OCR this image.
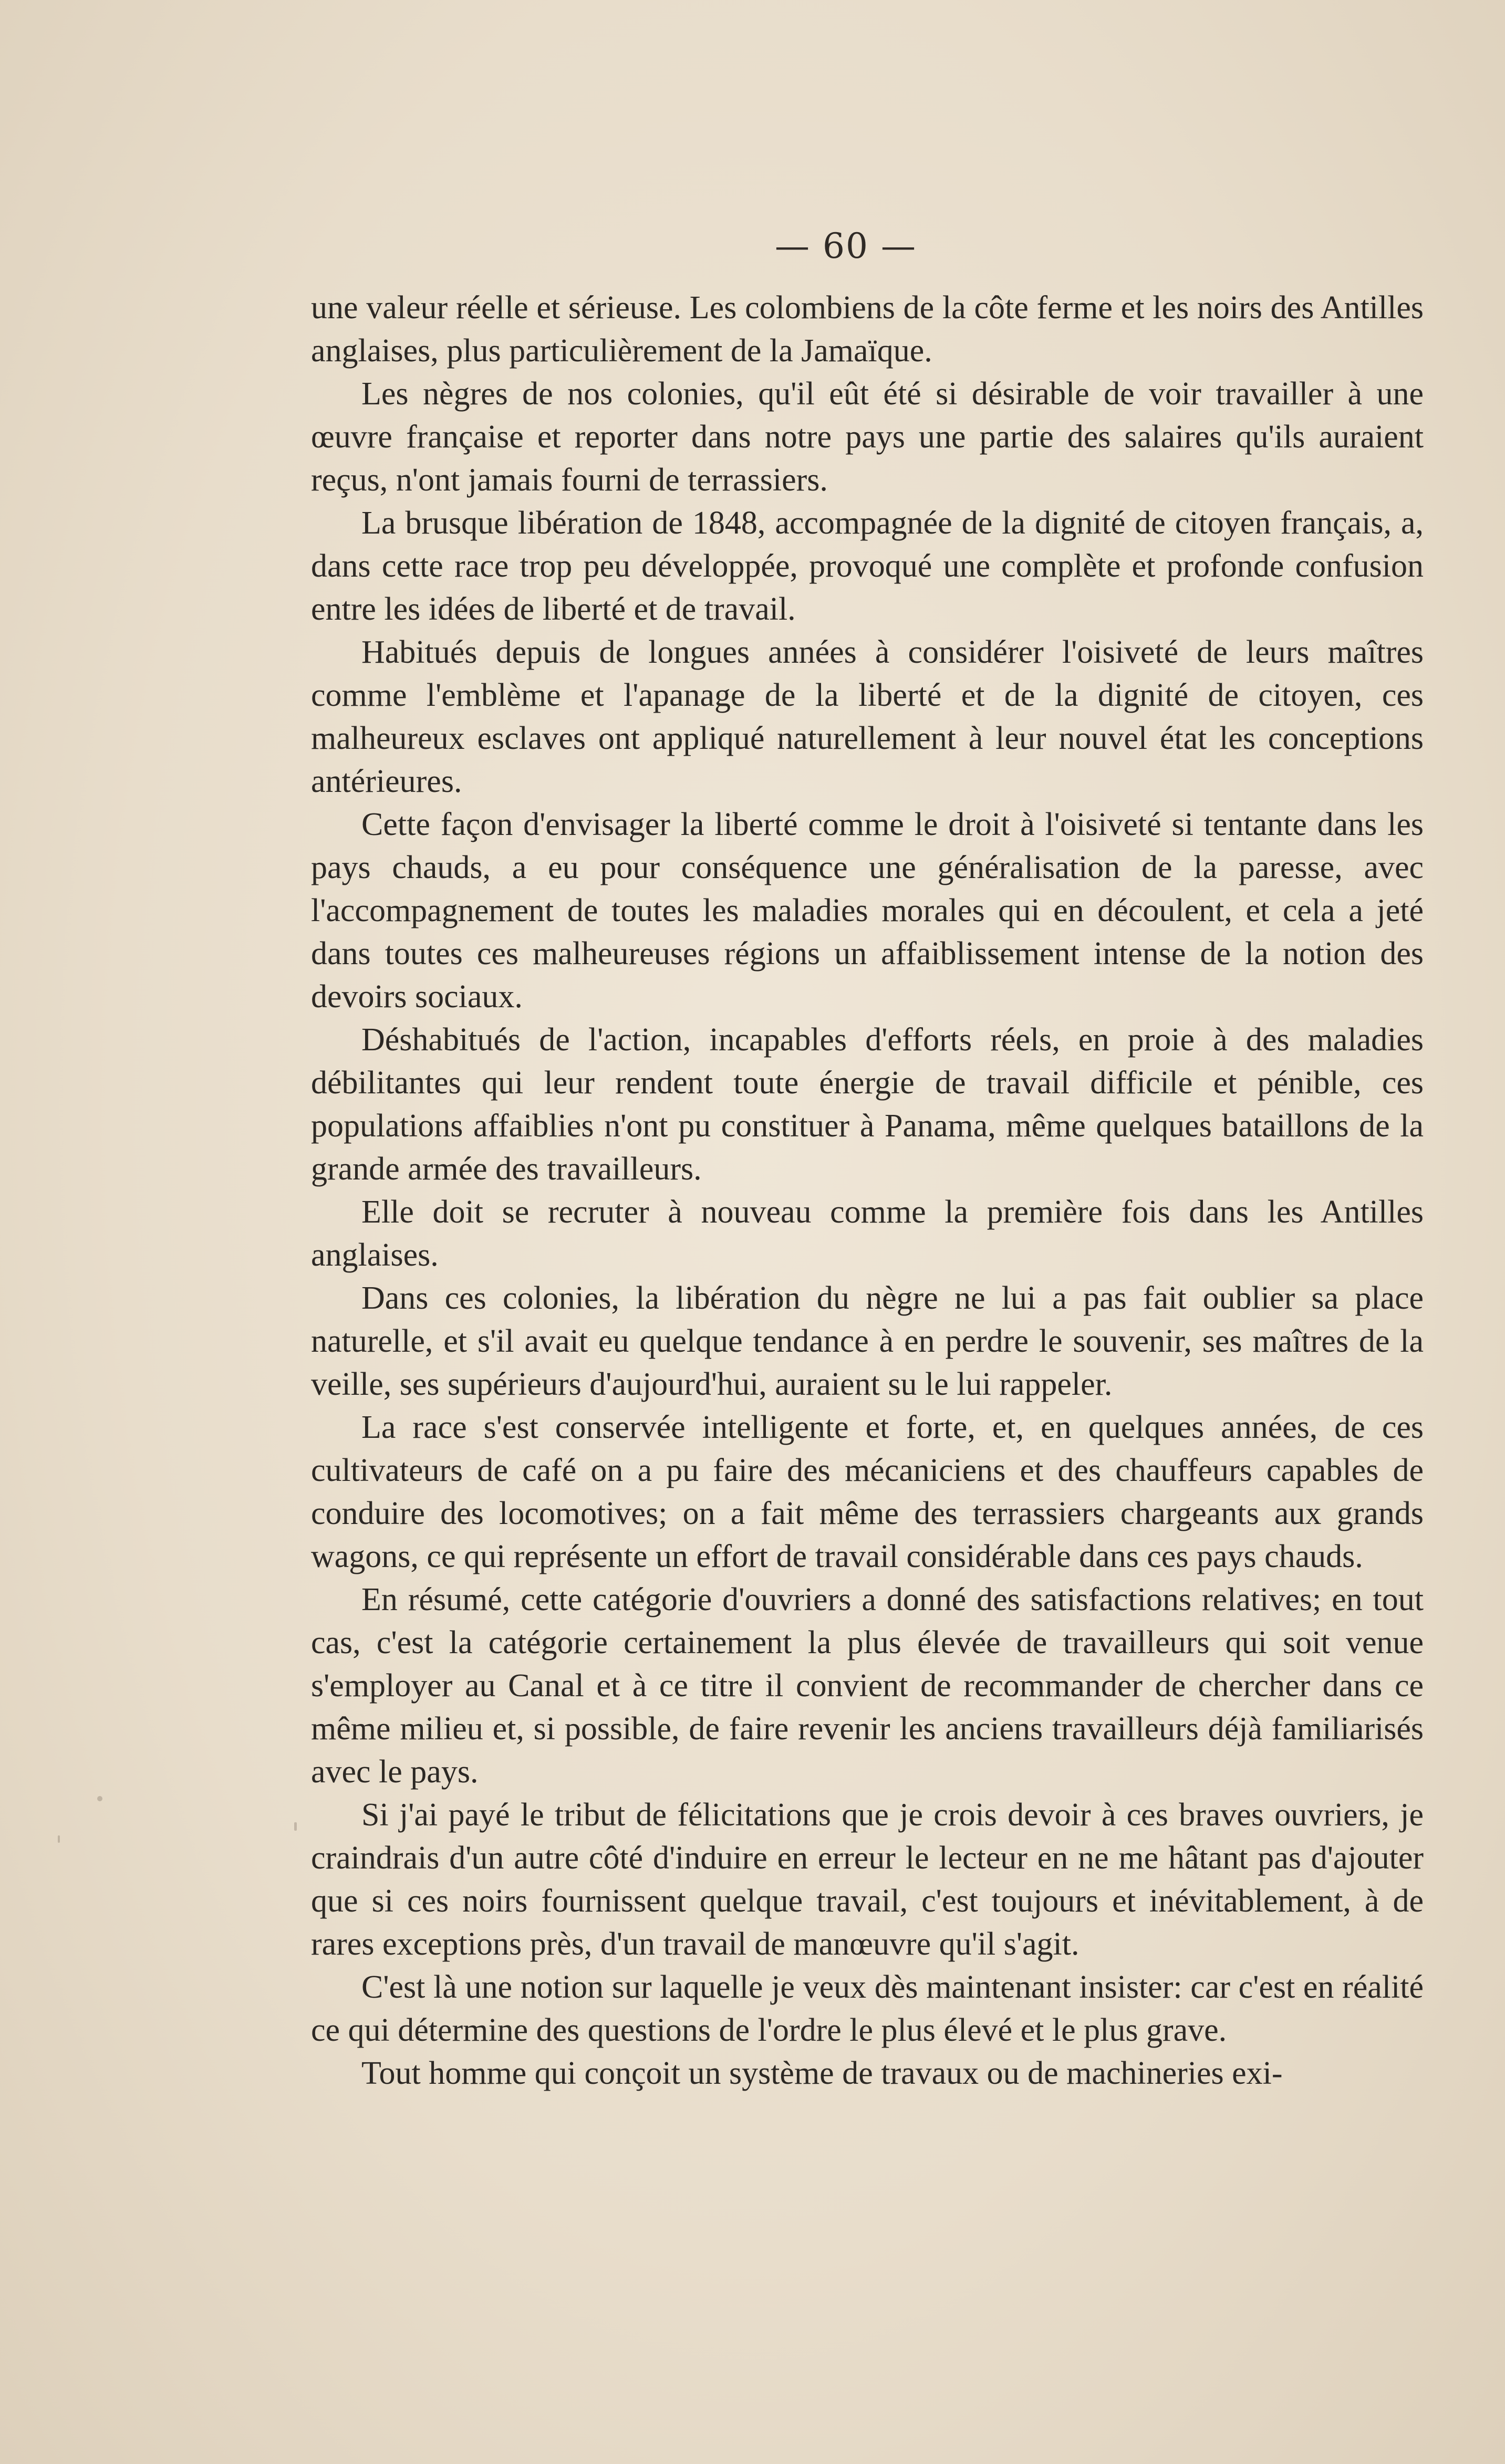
— 60 —

une valeur réelle et sérieuse. Les colombiens de la côte ferme et les noirs des Antilles anglaises, plus particulièrement de la Jamaïque.

Les nègres de nos colonies, qu'il eût été si désirable de voir travailler à une œuvre française et reporter dans notre pays une partie des salaires qu'ils auraient reçus, n'ont jamais fourni de terrassiers.

La brusque libération de 1848, accompagnée de la dignité de citoyen français, a, dans cette race trop peu développée, provoqué une complète et profonde confusion entre les idées de liberté et de travail.

Habitués depuis de longues années à considérer l'oisiveté de leurs maîtres comme l'emblème et l'apanage de la liberté et de la dignité de citoyen, ces malheureux esclaves ont appliqué naturellement à leur nouvel état les conceptions antérieures.

Cette façon d'envisager la liberté comme le droit à l'oisiveté si tentante dans les pays chauds, a eu pour conséquence une généralisation de la paresse, avec l'accompagnement de toutes les maladies morales qui en découlent, et cela a jeté dans toutes ces malheureuses régions un affaiblissement intense de la notion des devoirs sociaux.

Déshabitués de l'action, incapables d'efforts réels, en proie à des maladies débilitantes qui leur rendent toute énergie de travail difficile et pénible, ces populations affaiblies n'ont pu constituer à Panama, même quelques bataillons de la grande armée des travailleurs.

Elle doit se recruter à nouveau comme la première fois dans les Antilles anglaises.

Dans ces colonies, la libération du nègre ne lui a pas fait oublier sa place naturelle, et s'il avait eu quelque tendance à en perdre le souvenir, ses maîtres de la veille, ses supérieurs d'aujourd'hui, auraient su le lui rappeler.

La race s'est conservée intelligente et forte, et, en quelques années, de ces cultivateurs de café on a pu faire des mécaniciens et des chauffeurs capables de conduire des locomotives; on a fait même des terrassiers chargeants aux grands wagons, ce qui représente un effort de travail considérable dans ces pays chauds.

En résumé, cette catégorie d'ouvriers a donné des satisfactions relatives; en tout cas, c'est la catégorie certainement la plus élevée de travailleurs qui soit venue s'employer au Canal et à ce titre il convient de recommander de chercher dans ce même milieu et, si possible, de faire revenir les anciens travailleurs déjà familiarisés avec le pays.

Si j'ai payé le tribut de félicitations que je crois devoir à ces braves ouvriers, je craindrais d'un autre côté d'induire en erreur le lecteur en ne me hâtant pas d'ajouter que si ces noirs fournissent quelque travail, c'est toujours et inévitablement, à de rares exceptions près, d'un travail de manœuvre qu'il s'agit.

C'est là une notion sur laquelle je veux dès maintenant insister: car c'est en réalité ce qui détermine des questions de l'ordre le plus élevé et le plus grave.

Tout homme qui conçoit un système de travaux ou de machineries exi-
